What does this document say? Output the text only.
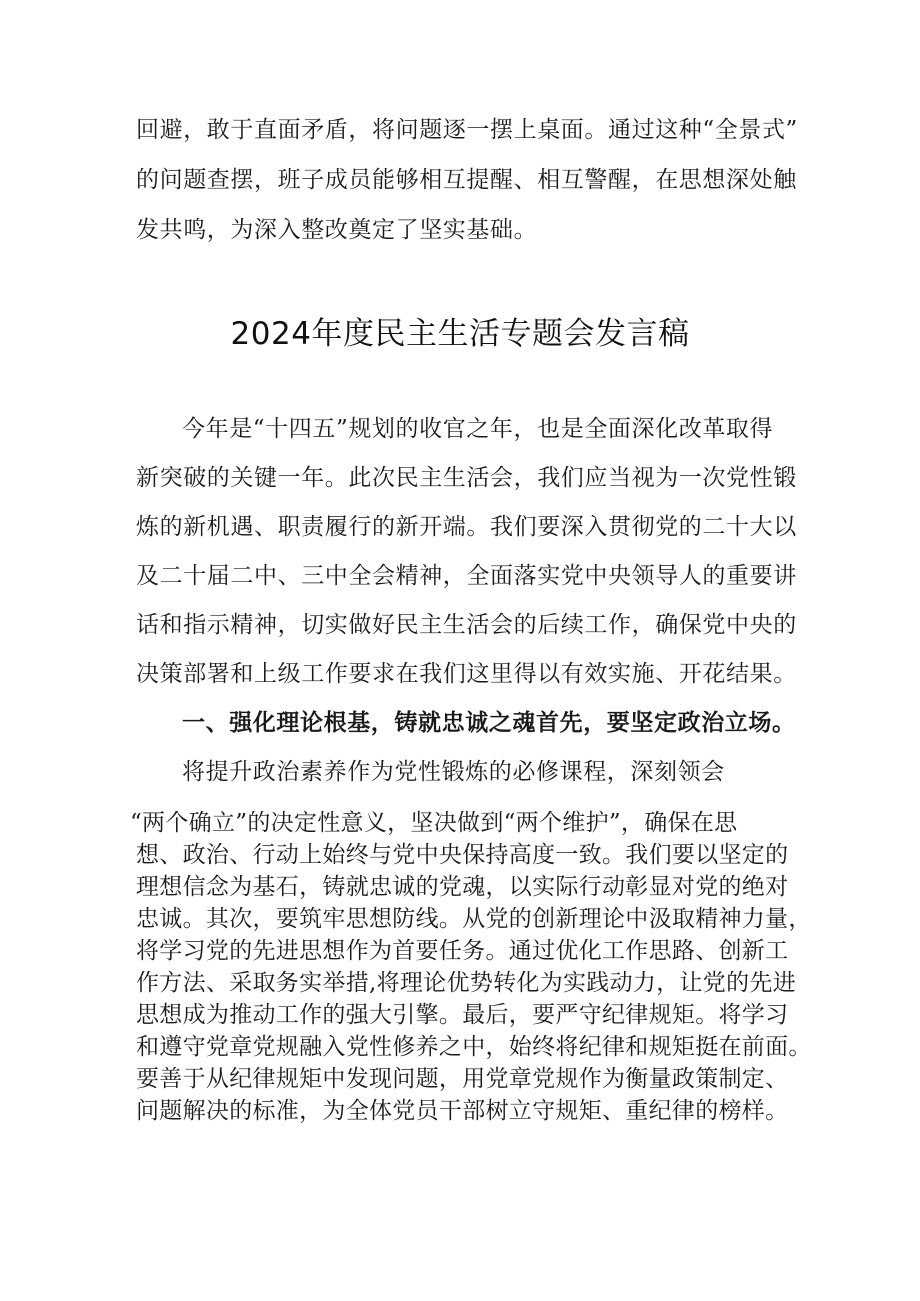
回避，敢于直面矛盾，将问题逐一摆上桌面。通过这种“全景式”
的问题查摆，班子成员能够相互提醒、相互警醒，在思想深处触
发共鸣，为深入整改奠定了坚实基础。
2024年度民主生活专题会发言稿
今年是“十四五”规划的收官之年，也是全面深化改革取得
新突破的关键一年。此次民主生活会，我们应当视为一次党性锻
炼的新机遇、职责履行的新开端。我们要深入贯彻党的二十大以
及二十届二中、三中全会精神，全面落实党中央领导人的重要讲
话和指示精神，切实做好民主生活会的后续工作，确保党中央的
决策部署和上级工作要求在我们这里得以有效实施、开花结果。
一、强化理论根基，铸就忠诚之魂首先，要坚定政治立场。
将提升政治素养作为党性锻炼的必修课程，深刻领会
“两个确立”的决定性意义，坚决做到“两个维护”，确保在思
想、政治、行动上始终与党中央保持高度一致。我们要以坚定的
理想信念为基石，铸就忠诚的党魂，以实际行动彰显对党的绝对
忠诚。其次，要筑牢思想防线。从党的创新理论中汲取精神力量，
将学习党的先进思想作为首要任务。通过优化工作思路、创新工
作方法、采取务实举措,将理论优势转化为实践动力，让党的先进
思想成为推动工作的强大引擎。最后，要严守纪律规矩。将学习
和遵守党章党规融入党性修养之中，始终将纪律和规矩挺在前面。
要善于从纪律规矩中发现问题，用党章党规作为衡量政策制定、
问题解决的标准，为全体党员干部树立守规矩、重纪律的榜样。
